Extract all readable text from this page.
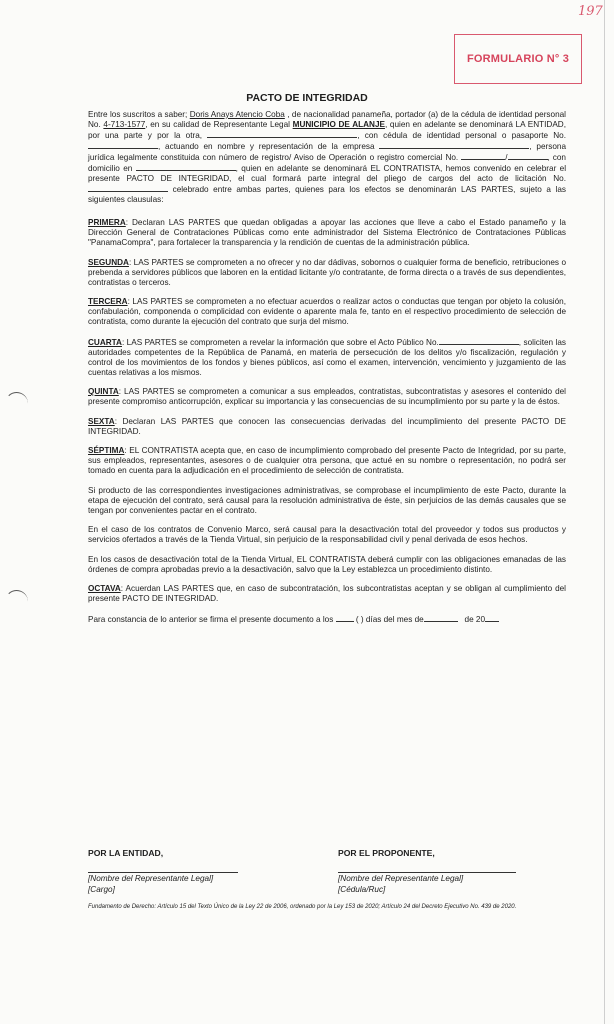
197
FORMULARIO N° 3
PACTO DE INTEGRIDAD

Entre los suscritos a saber; Doris Anays Atencio Coba , de nacionalidad panameña, portador (a) de la cédula de identidad personal No. 4-713-1577, en su calidad de Representante Legal MUNICIPIO DE ALANJE, quien en adelante se denominará LA ENTIDAD, por una parte y por la otra,	, con cédula de identidad personal o pasaporte No. , actuando en nombre y representación de la empresa	, persona jurídica legalmente constituida con número de registro/ Aviso de Operación o registro comercial No.	/	, con domicilio en	, quien en adelante se denominará EL CONTRATISTA, hemos convenido en celebrar el presente PACTO DE INTEGRIDAD, el cual formará parte integral del pliego de cargos del acto de licitación No.  celebrado entre ambas partes, quienes para los efectos se denominarán LAS PARTES, sujeto a las siguientes clausulas:

PRIMERA: Declaran LAS PARTES que quedan obligadas a apoyar las acciones que lleve a cabo el Estado panameño y la Dirección General de Contrataciones Públicas como ente administrador del Sistema Electrónico de Contrataciones Públicas "PanamaCompra", para fortalecer la transparencia y la rendición de cuentas de la administración pública.

SEGUNDA: LAS PARTES se comprometen a no ofrecer y no dar dádivas, sobornos o cualquier forma de beneficio, retribuciones o prebenda a servidores públicos que laboren en la entidad licitante y/o contratante, de forma directa o a través de sus dependientes, contratistas o terceros.

TERCERA: LAS PARTES se comprometen a no efectuar acuerdos o realizar actos o conductas que tengan por objeto la colusión, confabulación, componenda o complicidad con evidente o aparente mala fe, tanto en el respectivo procedimiento de selección de contratista, como durante la ejecución del contrato que surja del mismo.

CUARTA: LAS PARTES se comprometen a revelar la información que sobre el Acto Público No.	, soliciten las autoridades competentes de la República de Panamá, en materia de persecución de los delitos y/o fiscalización, regulación y control de los movimientos de los fondos y bienes públicos, así como el examen, intervención, vencimiento y juzgamiento de las cuentas relativas a los mismos.

QUINTA: LAS PARTES se comprometen a comunicar a sus empleados, contratistas, subcontratistas y asesores el contenido del presente compromiso anticorrupción, explicar su importancia y las consecuencias de su incumplimiento por su parte y la de éstos.

SEXTA: Declaran LAS PARTES que conocen las consecuencias derivadas del incumplimiento del presente PACTO DE INTEGRIDAD.

SÉPTIMA: EL CONTRATISTA acepta que, en caso de incumplimiento comprobado del presente Pacto de Integridad, por su parte, sus empleados, representantes, asesores o de cualquier otra persona, que actué en su nombre o representación, no podrá ser tomado en cuenta para la adjudicación en el procedimiento de selección de contratista.

Si producto de las correspondientes investigaciones administrativas, se comprobase el incumplimiento de este Pacto, durante la etapa de ejecución del contrato, será causal para la resolución administrativa de éste, sin perjuicios de las demás causales que se tengan por convenientes pactar en el contrato.

En el caso de los contratos de Convenio Marco, será causal para la desactivación total del proveedor y todos sus productos y servicios ofertados a través de la Tienda Virtual, sin perjuicio de la responsabilidad civil y penal derivada de esos hechos.

En los casos de desactivación total de la Tienda Virtual, EL CONTRATISTA deberá cumplir con las obligaciones emanadas de las órdenes de compra aprobadas previo a la desactivación, salvo que la Ley establezca un procedimiento distinto.

OCTAVA: Acuerdan LAS PARTES que, en caso de subcontratación, los subcontratistas aceptan y se obligan al cumplimiento del presente PACTO DE INTEGRIDAD.

Para constancia de lo anterior se firma el presente documento a los	( ) días del mes de	de 20

POR LA ENTIDAD,
[Nombre del Representante Legal]
[Cargo]
POR EL PROPONENTE,
[Nombre del Representante Legal]
[Cédula/Ruc]
Fundamento de Derecho: Artículo 15 del Texto Único de la Ley 22 de 2006, ordenado por la Ley 153 de 2020; Artículo 24 del Decreto Ejecutivo No. 439 de 2020.
